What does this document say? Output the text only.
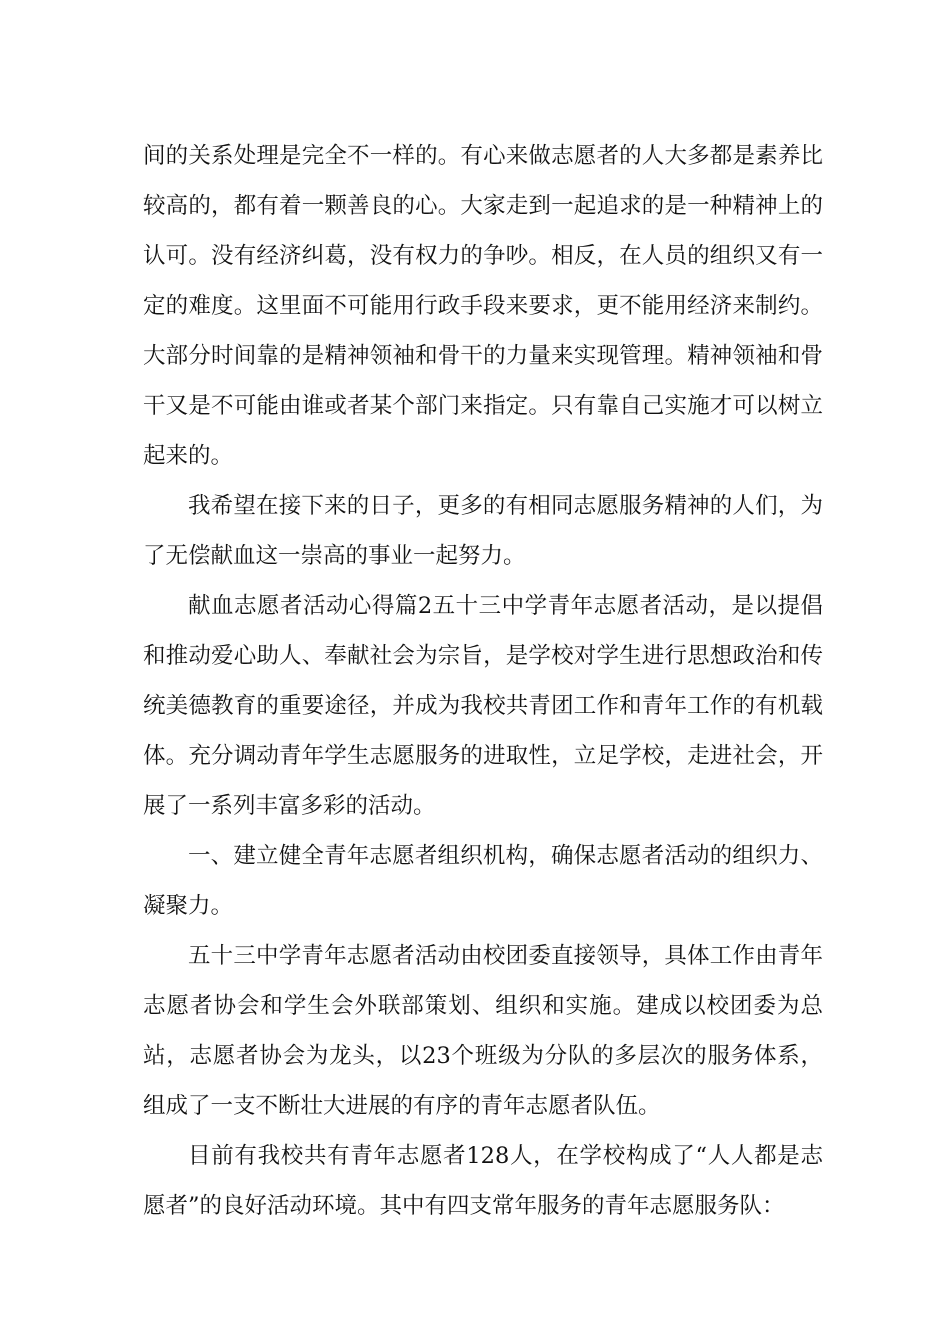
间的关系处理是完全不一样的。有心来做志愿者的人大多都是素养比较高的，都有着一颗善良的心。大家走到一起追求的是一种精神上的认可。没有经济纠葛，没有权力的争吵。相反，在人员的组织又有一定的难度。这里面不可能用行政手段来要求，更不能用经济来制约。大部分时间靠的是精神领袖和骨干的力量来实现管理。精神领袖和骨干又是不可能由谁或者某个部门来指定。只有靠自己实施才可以树立起来的。

我希望在接下来的日子，更多的有相同志愿服务精神的人们，为了无偿献血这一崇高的事业一起努力。

献血志愿者活动心得篇2五十三中学青年志愿者活动，是以提倡和推动爱心助人、奉献社会为宗旨，是学校对学生进行思想政治和传统美德教育的重要途径，并成为我校共青团工作和青年工作的有机载体。充分调动青年学生志愿服务的进取性，立足学校，走进社会，开展了一系列丰富多彩的活动。

一、建立健全青年志愿者组织机构，确保志愿者活动的组织力、凝聚力。

五十三中学青年志愿者活动由校团委直接领导，具体工作由青年志愿者协会和学生会外联部策划、组织和实施。建成以校团委为总站，志愿者协会为龙头，以23个班级为分队的多层次的服务体系，组成了一支不断壮大进展的有序的青年志愿者队伍。

目前有我校共有青年志愿者128人，在学校构成了“人人都是志愿者”的良好活动环境。其中有四支常年服务的青年志愿服务队：
